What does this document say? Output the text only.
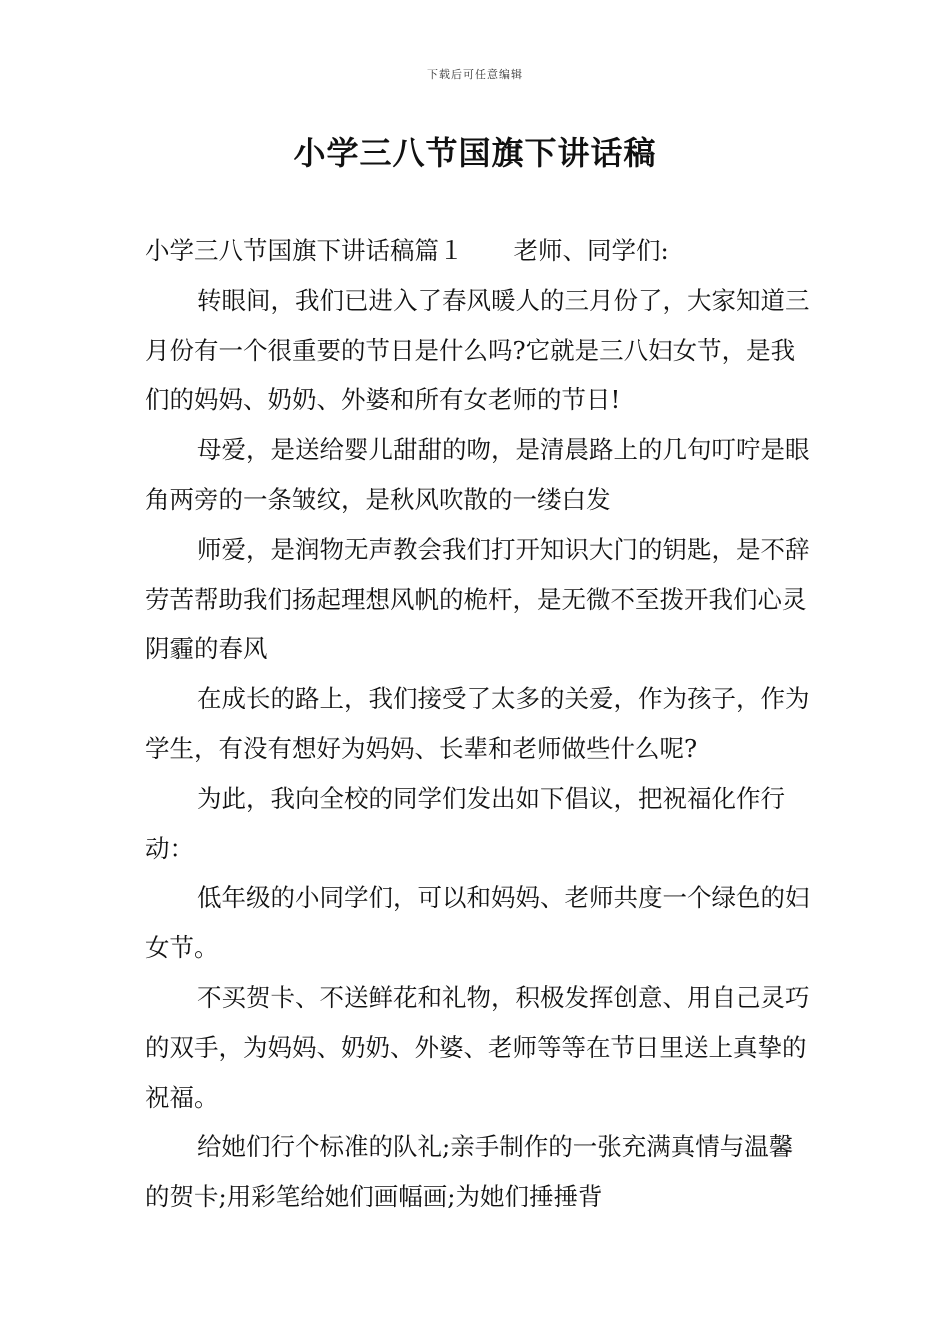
下载后可任意编辑
小学三八节国旗下讲话稿

小学三八节国旗下讲话稿篇１ 老师、同学们:

转眼间，我们已进入了春风暖人的三月份了，大家知道三月份有一个很重要的节日是什么吗?它就是三八妇女节，是我们的妈妈、奶奶、外婆和所有女老师的节日!

母爱，是送给婴儿甜甜的吻，是清晨路上的几句叮咛是眼角两旁的一条皱纹，是秋风吹散的一缕白发

师爱，是润物无声教会我们打开知识大门的钥匙，是不辞劳苦帮助我们扬起理想风帆的桅杆，是无微不至拨开我们心灵阴霾的春风

在成长的路上，我们接受了太多的关爱，作为孩子，作为学生，有没有想好为妈妈、长辈和老师做些什么呢?

为此，我向全校的同学们发出如下倡议，把祝福化作行动：

低年级的小同学们，可以和妈妈、老师共度一个绿色的妇女节。

不买贺卡、不送鲜花和礼物，积极发挥创意、用自己灵巧的双手，为妈妈、奶奶、外婆、老师等等在节日里送上真挚的祝福。

给她们行个标准的队礼;亲手制作的一张充满真情与温馨的贺卡;用彩笔给她们画幅画;为她们捶捶背
